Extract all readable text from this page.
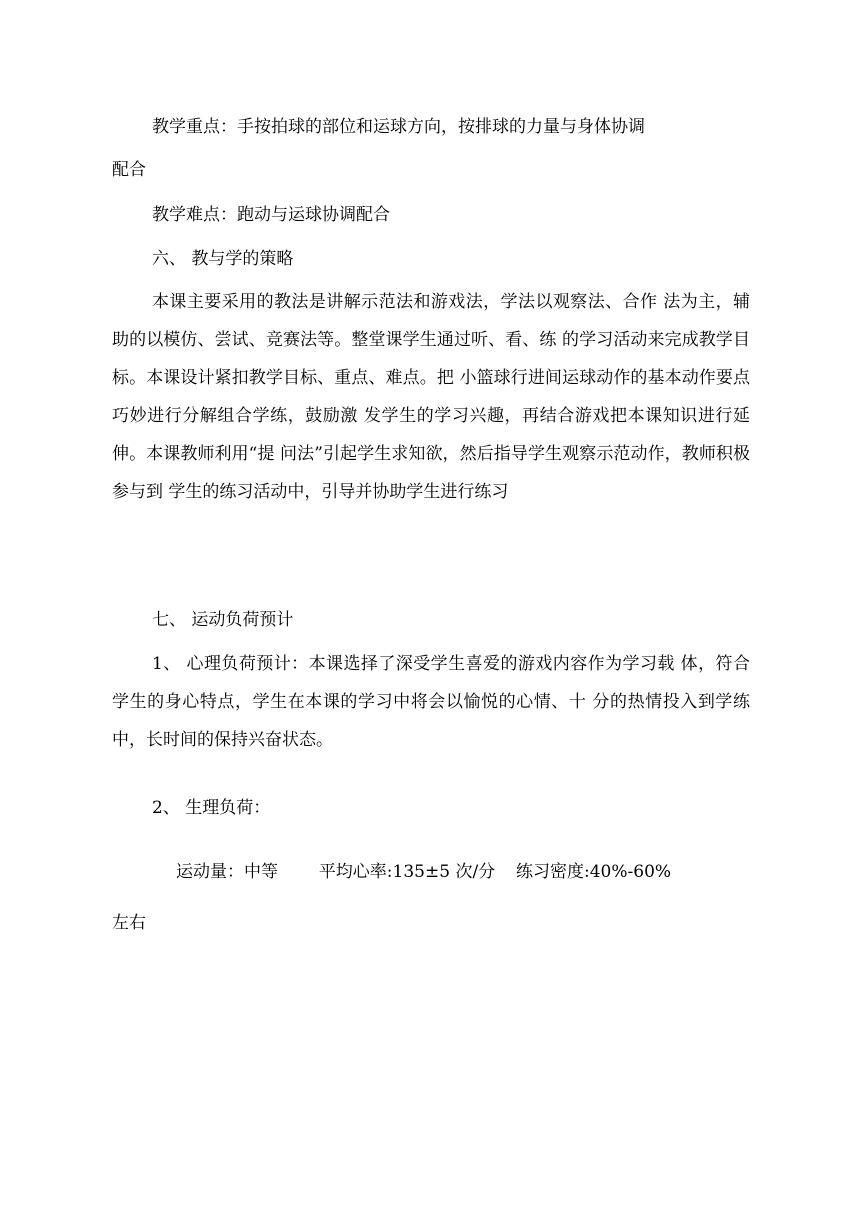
教学重点：手按拍球的部位和运球方向，按排球的力量与身体协调
配合
教学难点：跑动与运球协调配合
六、 教与学的策略
本课主要采用的教法是讲解示范法和游戏法，学法以观察法、合作 法为主，辅助的以模仿、尝试、竞赛法等。整堂课学生通过听、看、练 的学习活动来完成教学目标。本课设计紧扣教学目标、重点、难点。把 小篮球行进间运球动作的基本动作要点巧妙进行分解组合学练，鼓励激 发学生的学习兴趣，再结合游戏把本课知识进行延伸。本课教师利用“提 问法”引起学生求知欲，然后指导学生观察示范动作，教师积极参与到 学生的练习活动中，引导并协助学生进行练习
七、 运动负荷预计
1、 心理负荷预计：本课选择了深受学生喜爱的游戏内容作为学习载 体，符合学生的身心特点，学生在本课的学习中将会以愉悦的心情、十 分的热情投入到学练中，长时间的保持兴奋状态。
2、 生理负荷：
运动量：中等 平均心率:135±5 次/分 练习密度:40%-60%
左右
